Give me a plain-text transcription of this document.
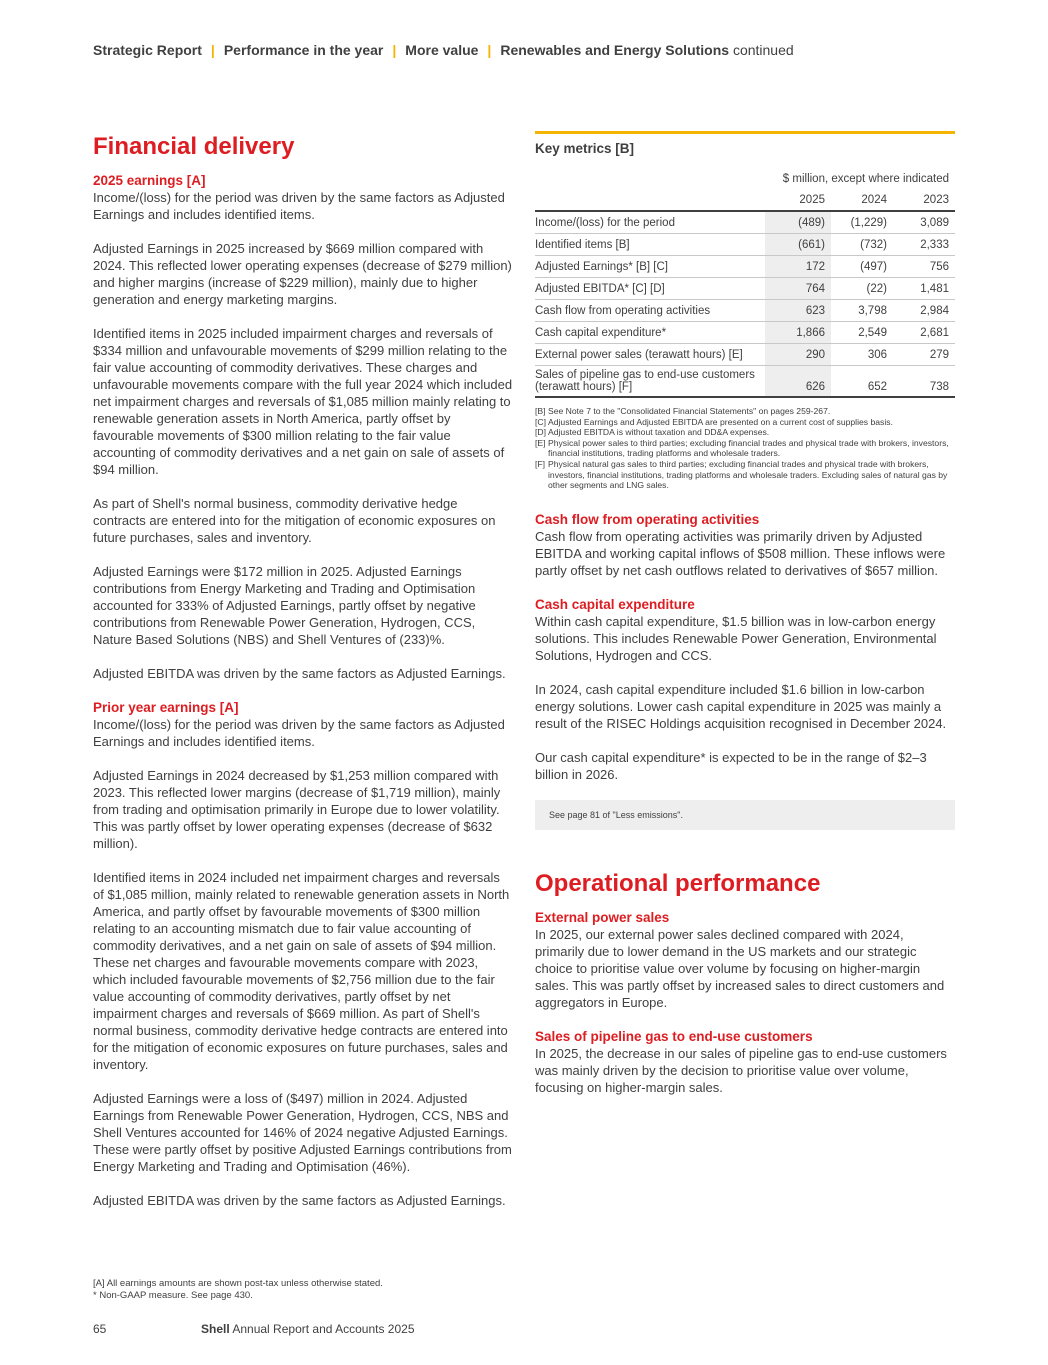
Strategic Report | Performance in the year | More value | Renewables and Energy Solutions continued
Financial delivery
2025 earnings [A]

Income/(loss) for the period was driven by the same factors as Adjusted Earnings and includes identified items.

Adjusted Earnings in 2025 increased by $669 million compared with 2024. This reflected lower operating expenses (decrease of $279 million) and higher margins (increase of $229 million), mainly due to higher generation and energy marketing margins.

Identified items in 2025 included impairment charges and reversals of $334 million and unfavourable movements of $299 million relating to the fair value accounting of commodity derivatives. These charges and unfavourable movements compare with the full year 2024 which included net impairment charges and reversals of $1,085 million mainly relating to renewable generation assets in North America, partly offset by favourable movements of $300 million relating to the fair value accounting of commodity derivatives and a net gain on sale of assets of $94 million.

As part of Shell's normal business, commodity derivative hedge contracts are entered into for the mitigation of economic exposures on future purchases, sales and inventory.

Adjusted Earnings were $172 million in 2025. Adjusted Earnings contributions from Energy Marketing and Trading and Optimisation accounted for 333% of Adjusted Earnings, partly offset by negative contributions from Renewable Power Generation, Hydrogen, CCS, Nature Based Solutions (NBS) and Shell Ventures of (233)%.

Adjusted EBITDA was driven by the same factors as Adjusted Earnings.

Prior year earnings [A]

Income/(loss) for the period was driven by the same factors as Adjusted Earnings and includes identified items.

Adjusted Earnings in 2024 decreased by $1,253 million compared with 2023. This reflected lower margins (decrease of $1,719 million), mainly from trading and optimisation primarily in Europe due to lower volatility. This was partly offset by lower operating expenses (decrease of $632 million).

Identified items in 2024 included net impairment charges and reversals of $1,085 million, mainly related to renewable generation assets in North America, and partly offset by favourable movements of $300 million relating to an accounting mismatch due to fair value accounting of commodity derivatives, and a net gain on sale of assets of $94 million. These net charges and favourable movements compare with 2023, which included favourable movements of $2,756 million due to the fair value accounting of commodity derivatives, partly offset by net impairment charges and reversals of $669 million. As part of Shell's normal business, commodity derivative hedge contracts are entered into for the mitigation of economic exposures on future purchases, sales and inventory.

Adjusted Earnings were a loss of ($497) million in 2024. Adjusted Earnings from Renewable Power Generation, Hydrogen, CCS, NBS and Shell Ventures accounted for 146% of 2024 negative Adjusted Earnings. These were partly offset by positive Adjusted Earnings contributions from Energy Marketing and Trading and Optimisation (46%).

Adjusted EBITDA was driven by the same factors as Adjusted Earnings.

Key metrics [B]
	$ million, except where indicated		
	2025	2024	2023
Income/(loss) for the period	(489)	(1,229)	3,089
Identified items [B]	(661)	(732)	2,333
Adjusted Earnings* [B] [C]	172	(497)	756
Adjusted EBITDA* [C] [D]	764	(22)	1,481
Cash flow from operating activities	623	3,798	2,984
Cash capital expenditure*	1,866	2,549	2,681
External power sales (terawatt hours) [E]	290	306	279
Sales of pipeline gas to end-use customers
(terawatt hours) [F]	626	652	738
[B] See Note 7 to the "Consolidated Financial Statements" on pages 259-267.
[C] Adjusted Earnings and Adjusted EBITDA are presented on a current cost of supplies basis.
[D] Adjusted EBITDA is without taxation and DD&A expenses.
[E] Physical power sales to third parties; excluding financial trades and physical trade with brokers, investors, financial institutions, trading platforms and wholesale traders.
[F] Physical natural gas sales to third parties; excluding financial trades and physical trade with brokers, investors, financial institutions, trading platforms and wholesale traders. Excluding sales of natural gas by other segments and LNG sales.
Cash flow from operating activities

Cash flow from operating activities was primarily driven by Adjusted EBITDA and working capital inflows of $508 million. These inflows were partly offset by net cash outflows related to derivatives of $657 million.

Cash capital expenditure

Within cash capital expenditure, $1.5 billion was in low-carbon energy solutions. This includes Renewable Power Generation, Environmental Solutions, Hydrogen and CCS.

In 2024, cash capital expenditure included $1.6 billion in low-carbon energy solutions. Lower cash capital expenditure in 2025 was mainly a result of the RISEC Holdings acquisition recognised in December 2024.

Our cash capital expenditure* is expected to be in the range of $2–3 billion in 2026.

See page 81 of "Less emissions".
Operational performance
External power sales

In 2025, our external power sales declined compared with 2024, primarily due to lower demand in the US markets and our strategic choice to prioritise value over volume by focusing on higher-margin sales. This was partly offset by increased sales to direct customers and aggregators in Europe.

Sales of pipeline gas to end-use customers

In 2025, the decrease in our sales of pipeline gas to end-use customers was mainly driven by the decision to prioritise value over volume, focusing on higher-margin sales.

[A] All earnings amounts are shown post-tax unless otherwise stated.
* Non-GAAP measure. See page 430.
65	Shell Annual Report and Accounts 2025
